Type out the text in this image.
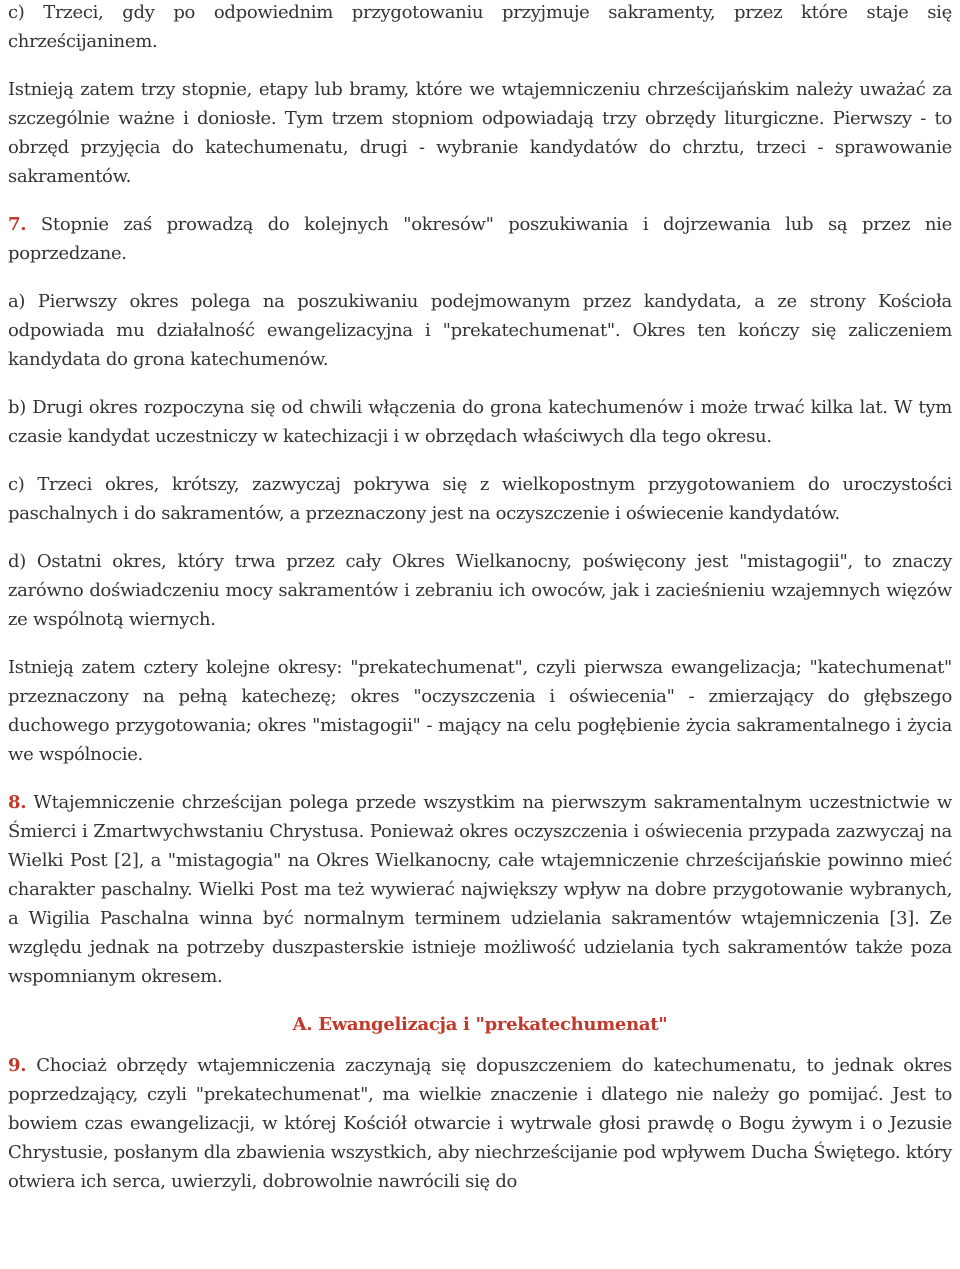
c) Trzeci, gdy po odpowiednim przygotowaniu przyjmuje sakramenty, przez które staje się chrześcijaninem.

Istnieją zatem trzy stopnie, etapy lub bramy, które we wtajemniczeniu chrześcijańskim należy uważać za szczególnie ważne i doniosłe. Tym trzem stopniom odpowiadają trzy obrzędy liturgiczne. Pierwszy - to obrzęd przyjęcia do katechumenatu, drugi - wybranie kandydatów do chrztu, trzeci - sprawowanie sakramentów.

7. Stopnie zaś prowadzą do kolejnych "okresów" poszukiwania i dojrzewania lub są przez nie poprzedzane.

a) Pierwszy okres polega na poszukiwaniu podejmowanym przez kandydata, a ze strony Kościoła odpowiada mu działalność ewangelizacyjna i "prekatechumenat". Okres ten kończy się zaliczeniem kandydata do grona katechumenów.

b) Drugi okres rozpoczyna się od chwili włączenia do grona katechumenów i może trwać kilka lat. W tym czasie kandydat uczestniczy w katechizacji i w obrzędach właściwych dla tego okresu.

c) Trzeci okres, krótszy, zazwyczaj pokrywa się z wielkopostnym przygotowaniem do uroczystości paschalnych i do sakramentów, a przeznaczony jest na oczyszczenie i oświecenie kandydatów.

d) Ostatni okres, który trwa przez cały Okres Wielkanocny, poświęcony jest "mistagogii", to znaczy zarówno doświadczeniu mocy sakramentów i zebraniu ich owoców, jak i zacieśnieniu wzajemnych więzów ze wspólnotą wiernych.

Istnieją zatem cztery kolejne okresy: "prekatechumenat", czyli pierwsza ewangelizacja; "katechumenat" przeznaczony na pełną katechezę; okres "oczyszczenia i oświecenia" - zmierzający do głębszego duchowego przygotowania; okres "mistagogii" - mający na celu pogłębienie życia sakramentalnego i życia we wspólnocie.

8. Wtajemniczenie chrześcijan polega przede wszystkim na pierwszym sakramentalnym uczestnictwie w Śmierci i Zmartwychwstaniu Chrystusa. Ponieważ okres oczyszczenia i oświecenia przypada zazwyczaj na Wielki Post [2], a "mistagogia" na Okres Wielkanocny, całe wtajemniczenie chrześcijańskie powinno mieć charakter paschalny. Wielki Post ma też wywierać największy wpływ na dobre przygotowanie wybranych, a Wigilia Paschalna winna być normalnym terminem udzielania sakramentów wtajemniczenia [3]. Ze względu jednak na potrzeby duszpasterskie istnieje możliwość udzielania tych sakramentów także poza wspomnianym okresem.

A. Ewangelizacja i "prekatechumenat"

9. Chociaż obrzędy wtajemniczenia zaczynają się dopuszczeniem do katechumenatu, to jednak okres poprzedzający, czyli "prekatechumenat", ma wielkie znaczenie i dlatego nie należy go pomijać. Jest to bowiem czas ewangelizacji, w której Kościół otwarcie i wytrwale głosi prawdę o Bogu żywym i o Jezusie Chrystusie, posłanym dla zbawienia wszystkich, aby niechrześcijanie pod wpływem Ducha Świętego. który otwiera ich serca, uwierzyli, dobrowolnie nawrócili się do
